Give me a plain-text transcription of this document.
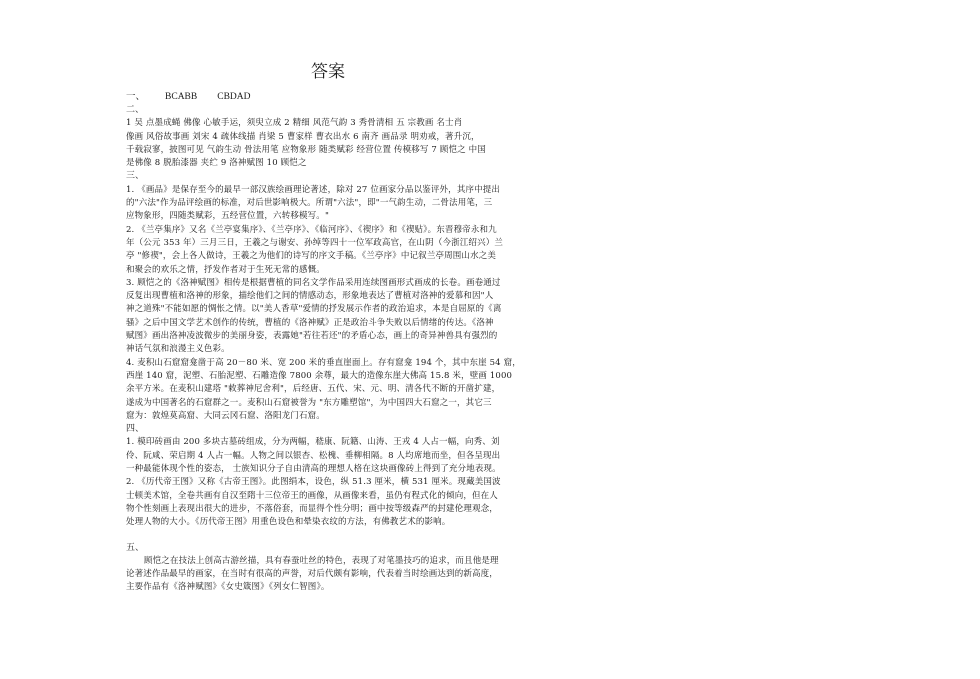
答案
一、 BCABB CBDAD
二、
1 吴 点墨成蝇 佛像 心敏手运，须臾立成 2 精细 风范气韵 3 秀骨清相 五 宗教画 名士肖
像画 风俗故事画 刘宋 4 疏体线描 肖梁 5 曹家样 曹衣出水 6 南齐 画品录 明劝戒，著升沉，
千载寂寥，披图可见 气韵生动 骨法用笔 应物象形 随类赋彩 经营位置 传模移写 7 顾恺之 中国
是佛像 8 脱胎漆器 夹纻 9 洛神赋图 10 顾恺之
三、
1. 《画品》是保存至今的最早一部汉族绘画理论著述，除对 27 位画家分品以鉴评外，其序中提出
的"六法"作为品评绘画的标准，对后世影响极大。所谓"六法"，即"一气韵生动，二骨法用笔，三
应物象形，四随类赋彩，五经营位置，六转移模写。"
2. 《兰亭集序》又名《兰亭宴集序》、《兰亭序》、《临河序》、《禊序》和《禊贴》。东晋穆帝永和九
年（公元 353 年）三月三日，王羲之与谢安、孙绰等四十一位军政高官，在山阴（今浙江绍兴）兰
亭 "修禊"，会上各人做诗，王羲之为他们的诗写的序文手稿。《兰亭序》中记叙兰亭周围山水之美
和聚会的欢乐之情，抒发作者对于生死无常的感慨。
3. 顾恺之的《洛神赋图》相传是根据曹植的同名文学作品采用连续图画形式画成的长卷。画卷通过
反复出现曹植和洛神的形象，描绘他们之间的情感动态，形象地表达了曹植对洛神的爱慕和因"人
神之道殊"不能如愿的惆怅之情。以"美人香草"爱情的抒发展示作者的政治追求，本是自屈原的《离
骚》之后中国文学艺术创作的传统，曹植的《洛神赋》正是政治斗争失败以后情绪的传达。《洛神
赋图》画出洛神凌波微步的美丽身姿，表露她"若往若还"的矛盾心态，画上的奇异神兽具有强烈的
神话气氛和浪漫主义色彩。
4. 麦积山石窟窟龛凿于高 20－80 米、宽 200 米的垂直崖面上。存有窟龛 194 个，其中东崖 54 窟，
西崖 140 窟，泥塑、石胎泥塑、石雕造像 7800 余尊，最大的造像东崖大佛高 15.8 米，壁画 1000
余平方米。在麦积山建塔 "敕葬神尼舍利"，后经唐、五代、宋、元、明、清各代不断的开凿扩建，
遂成为中国著名的石窟群之一。麦积山石窟被誉为 "东方雕塑馆"，为中国四大石窟之一，其它三
窟为：敦煌莫高窟、大同云冈石窟、洛阳龙门石窟。
四、
1. 模印砖画由 200 多块古墓砖组成，分为两幅，嵇康、阮籍、山涛、王戎 4 人占一幅，向秀、刘
伶、阮咸、荣启期 4 人占一幅。人物之间以银杏、松槐、垂柳相隔。8 人均席地而坐，但各呈现出
一种最能体现个性的姿态， 士族知识分子自由清高的理想人格在这块画像砖上得到了充分地表现。
2. 《历代帝王图》又称《古帝王图》。此图绢本，设色，纵 51.3 厘米，横 531 厘米。现藏美国波
士顿美术馆，全卷共画有自汉至隋十三位帝王的画像，从画像来看，虽仍有程式化的倾向，但在人
物个性刻画上表现出很大的进步，不落俗套，而显得个性分明；画中按等级森严的封建伦理观念，
处理人物的大小。《历代帝王图》用重色设色和晕染衣纹的方法，有佛教艺术的影响。
五、
顾恺之在技法上创高古游丝描，具有春蚕吐丝的特色，表现了对笔墨技巧的追求，而且他是理
论著述作品最早的画家，在当时有很高的声誉，对后代颇有影响，代表着当时绘画达到的新高度，
主要作品有《洛神赋图》《女史箴图》《列女仁智图》。
